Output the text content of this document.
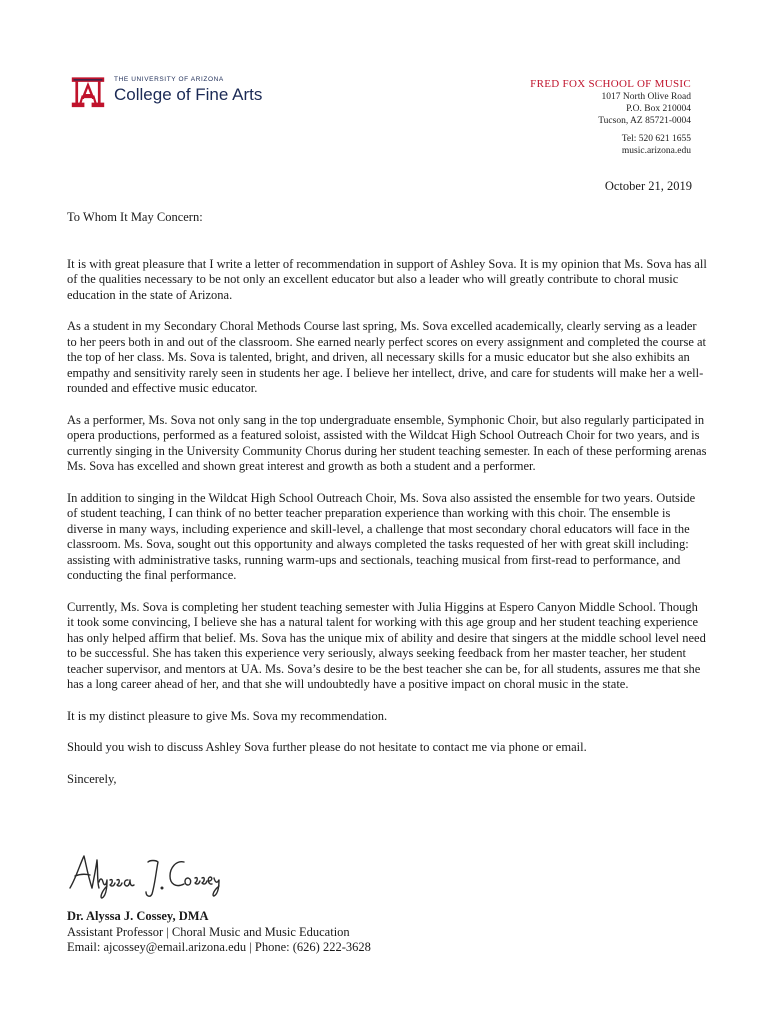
THE UNIVERSITY OF ARIZONA
College of Fine Arts
FRED FOX SCHOOL OF MUSIC
1017 North Olive Road
P.O. Box 210004
Tucson, AZ 85721-0004
Tel: 520 621 1655
music.arizona.edu
October 21, 2019

To Whom It May Concern:

It is with great pleasure that I write a letter of recommendation in support of Ashley Sova. It is my opinion that Ms. Sova has all of the qualities necessary to be not only an excellent educator but also a leader who will greatly contribute to choral music education in the state of Arizona.

As a student in my Secondary Choral Methods Course last spring, Ms. Sova excelled academically, clearly serving as a leader to her peers both in and out of the classroom. She earned nearly perfect scores on every assignment and completed the course at the top of her class. Ms. Sova is talented, bright, and driven, all necessary skills for a music educator but she also exhibits an empathy and sensitivity rarely seen in students her age. I believe her intellect, drive, and care for students will make her a well-rounded and effective music educator.

As a performer, Ms. Sova not only sang in the top undergraduate ensemble, Symphonic Choir, but also regularly participated in opera productions, performed as a featured soloist, assisted with the Wildcat High School Outreach Choir for two years, and is currently singing in the University Community Chorus during her student teaching semester. In each of these performing arenas Ms. Sova has excelled and shown great interest and growth as both a student and a performer.

In addition to singing in the Wildcat High School Outreach Choir, Ms. Sova also assisted the ensemble for two years. Outside of student teaching, I can think of no better teacher preparation experience than working with this choir. The ensemble is diverse in many ways, including experience and skill-level, a challenge that most secondary choral educators will face in the classroom. Ms. Sova, sought out this opportunity and always completed the tasks requested of her with great skill including: assisting with administrative tasks, running warm-ups and sectionals, teaching musical from first-read to performance, and conducting the final performance.

Currently, Ms. Sova is completing her student teaching semester with Julia Higgins at Espero Canyon Middle School. Though it took some convincing, I believe she has a natural talent for working with this age group and her student teaching experience has only helped affirm that belief. Ms. Sova has the unique mix of ability and desire that singers at the middle school level need to be successful. She has taken this experience very seriously, always seeking feedback from her master teacher, her student teacher supervisor, and mentors at UA. Ms. Sova’s desire to be the best teacher she can be, for all students, assures me that she has a long career ahead of her, and that she will undoubtedly have a positive impact on choral music in the state.

It is my distinct pleasure to give Ms. Sova my recommendation.

Should you wish to discuss Ashley Sova further please do not hesitate to contact me via phone or email.

Sincerely,

Dr. Alyssa J. Cossey, DMA
Assistant Professor | Choral Music and Music Education
Email: ajcossey@email.arizona.edu | Phone: (626) 222-3628
